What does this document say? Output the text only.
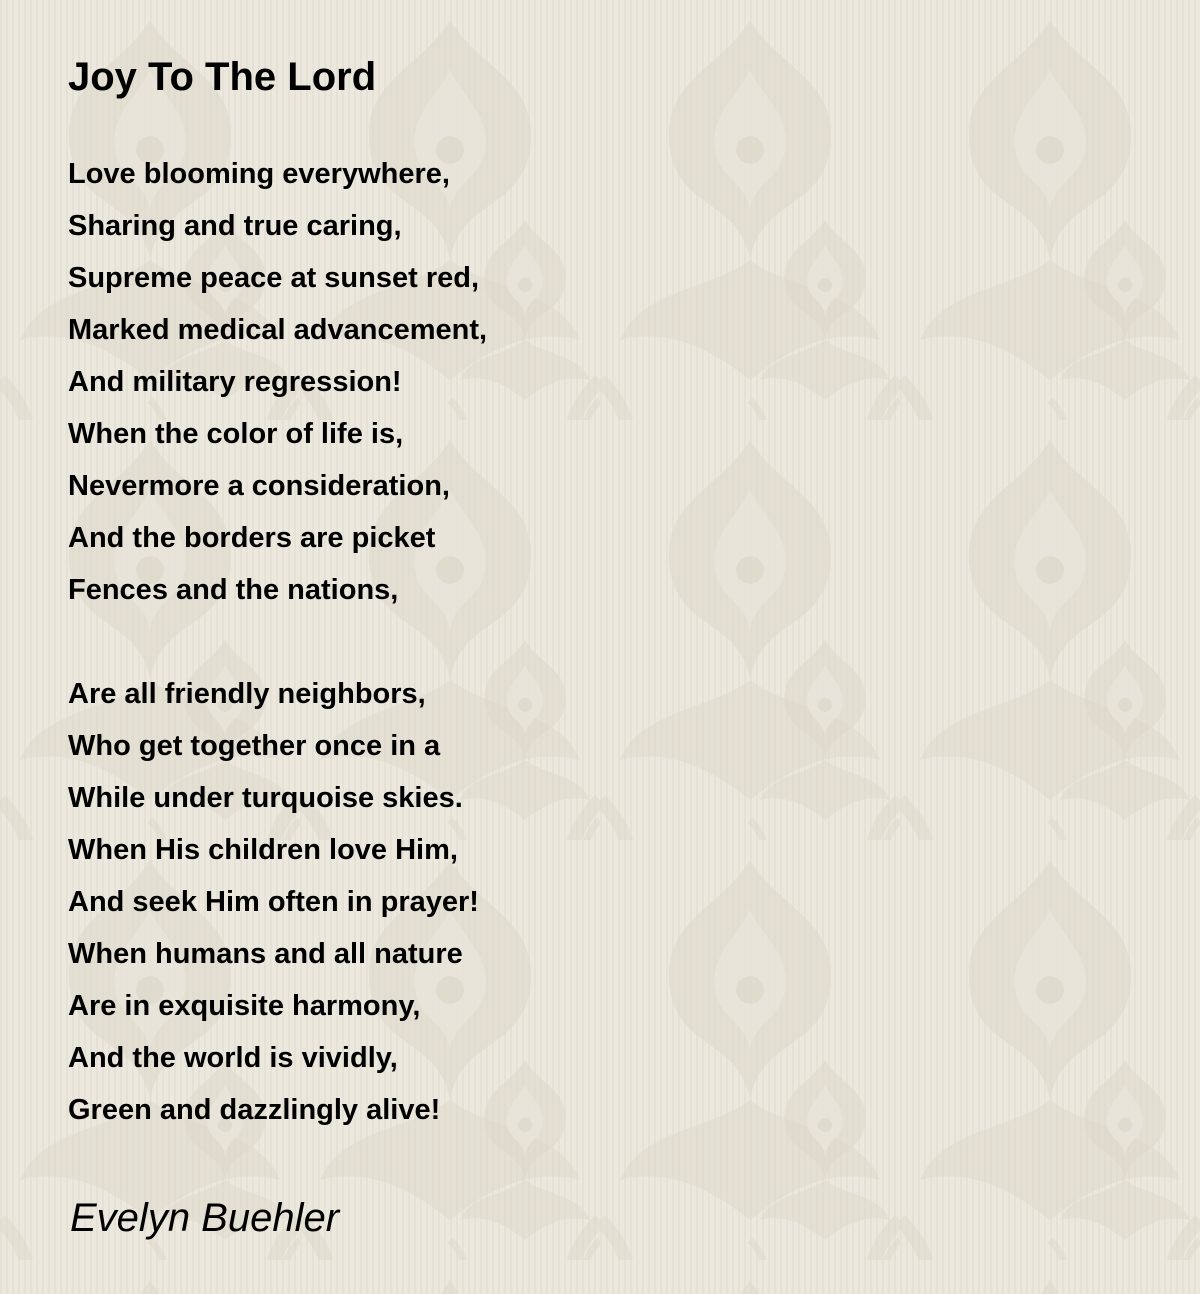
Joy To The Lord
Love blooming everywhere,
Sharing and true caring,
Supreme peace at sunset red,
Marked medical advancement,
And military regression!
When the color of life is,
Nevermore a consideration,
And the borders are picket
Fences and the nations,
Are all friendly neighbors,
Who get together once in a
While under turquoise skies.
When His children love Him,
And seek Him often in prayer!
When humans and all nature
Are in exquisite harmony,
And the world is vividly,
Green and dazzlingly alive!

Evelyn Buehler
